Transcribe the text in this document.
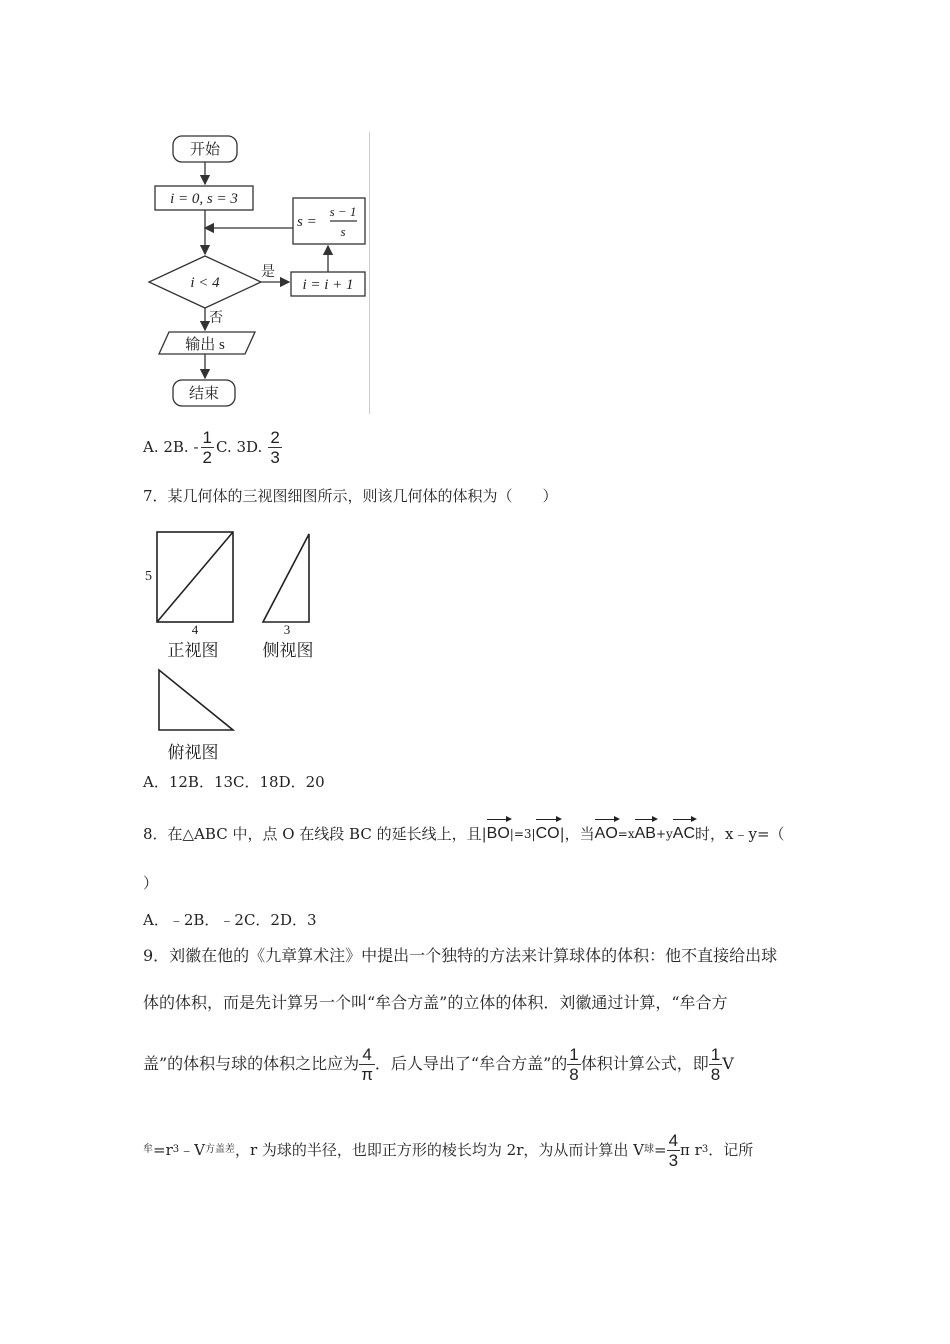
开始
i = 0, s = 3
i < 4
是
否
i = i + 1
s =
s − 1
s
输出 s
结束
A. 2B. - $\frac{1}{2} C$. 3D. $\frac{2}{3}$
7．某几何体的三视图细图所示，则该几何体的体积为（　　）
5
4
正视图
3
侧视图
俯视图
A．12B．13C．18D．20
8．在△ABC 中，点 O 在线段 BC 的延长线上，且| BO |=3| CO |，当 AO =x AB +y AC 时，x﹣y=（
）
A．﹣2B．﹣2C．2D．3
9．刘徽在他的《九章算术注》中提出一个独特的方法来计算球体的体积：他不直接给出球
体的体积，而是先计算另一个叫“牟合方盖”的立体的体积．刘徽通过计算，“牟合方
盖”的体积与球的体积之比应为 $\frac{4}{\pi}$ ．后人导出了“牟合方盖”的 $\frac{1}{8}$ 体积计算公式，即 $\frac{1}{8}$ V
牟 =r 3 ﹣V 方盖差 ，r 为球的半径，也即正方形的棱长均为 2r，为从而计算出 V 球 = $\frac{4}{3}$ π r 3 ．记所
